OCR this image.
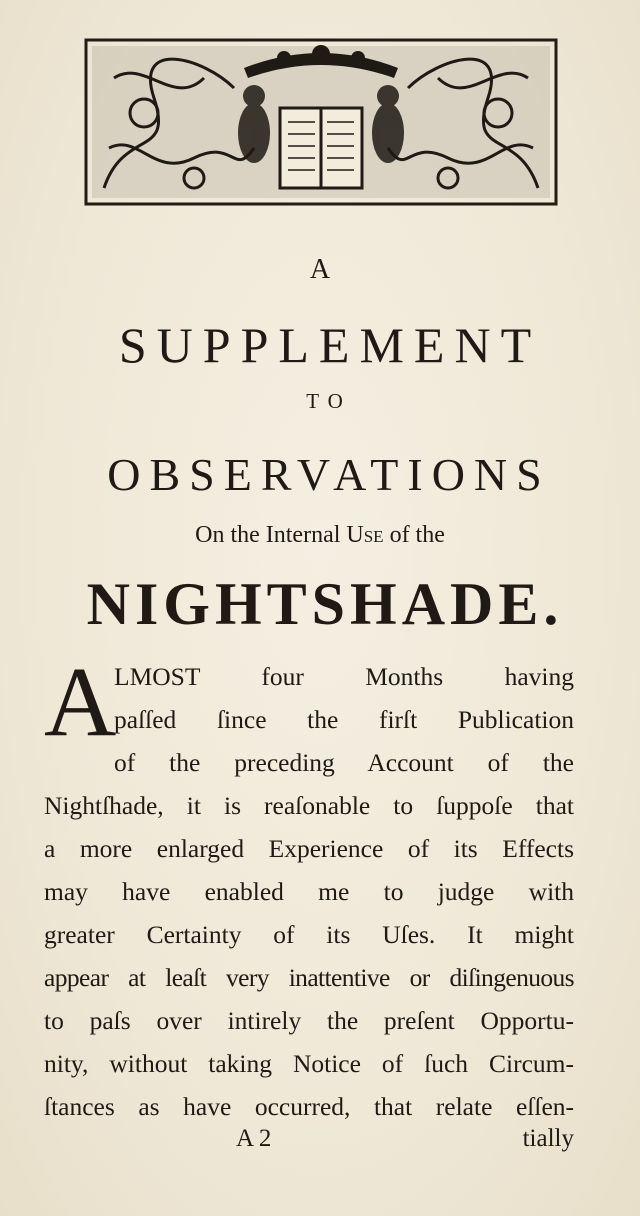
A
SUPPLEMENT
TO
OBSERVATIONS
On the Internal Use of the
NIGHTSHADE.
A
LMOST four Months having
paſſed ſince the firſt Publication
of the preceding Account of the
Nightſhade, it is reaſonable to ſuppoſe that
a more enlarged Experience of its Effects
may have enabled me to judge with
greater Certainty of its Uſes. It might
appear at leaſt very inattentive or diſingenuous
to paſs over intirely the preſent Opportu-
nity, without taking Notice of ſuch Circum-
ſtances as have occurred, that relate eſſen-
A 2	tially
